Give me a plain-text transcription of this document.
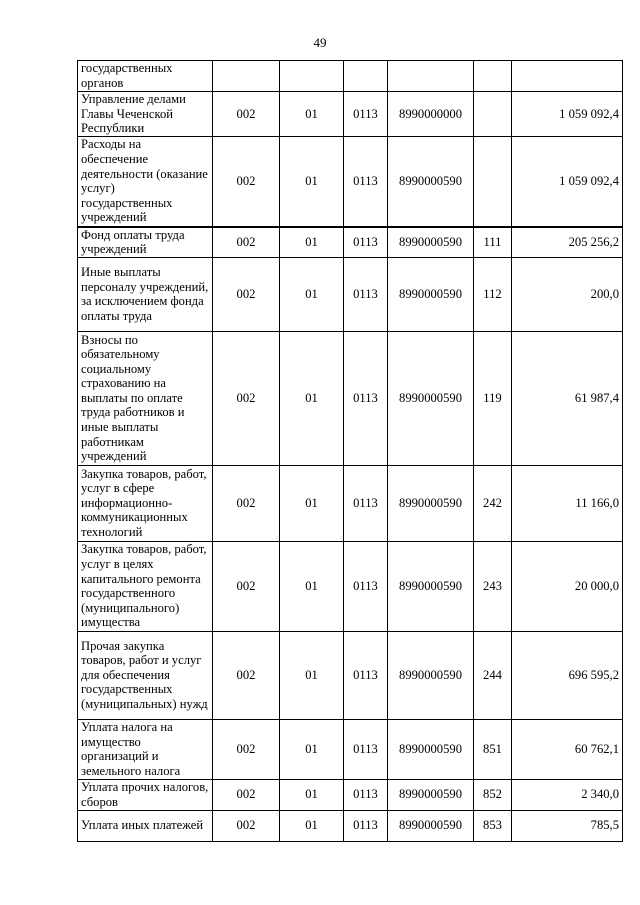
49
государственных органов						
Управление делами Главы Чеченской Республики	002	01	0113	8990000000		1 059 092,4
Расходы на обеспечение деятельности (оказание услуг) государственных учреждений	002	01	0113	8990000590		1 059 092,4
Фонд оплаты труда учреждений	002	01	0113	8990000590	111	205 256,2
Иные выплаты персоналу учреждений, за исключением фонда оплаты труда	002	01	0113	8990000590	112	200,0
Взносы по обязательному социальному страхованию на выплаты по оплате труда работников и иные выплаты работникам учреждений	002	01	0113	8990000590	119	61 987,4
Закупка товаров, работ, услуг в сфере информационно-коммуникационных технологий	002	01	0113	8990000590	242	11 166,0
Закупка товаров, работ, услуг в целях капитального ремонта государственного (муниципального) имущества	002	01	0113	8990000590	243	20 000,0
Прочая закупка товаров, работ и услуг для обеспечения государственных (муниципальных) нужд	002	01	0113	8990000590	244	696 595,2
Уплата налога на имущество организаций и земельного налога	002	01	0113	8990000590	851	60 762,1
Уплата прочих налогов, сборов	002	01	0113	8990000590	852	2 340,0
Уплата иных платежей	002	01	0113	8990000590	853	785,5
